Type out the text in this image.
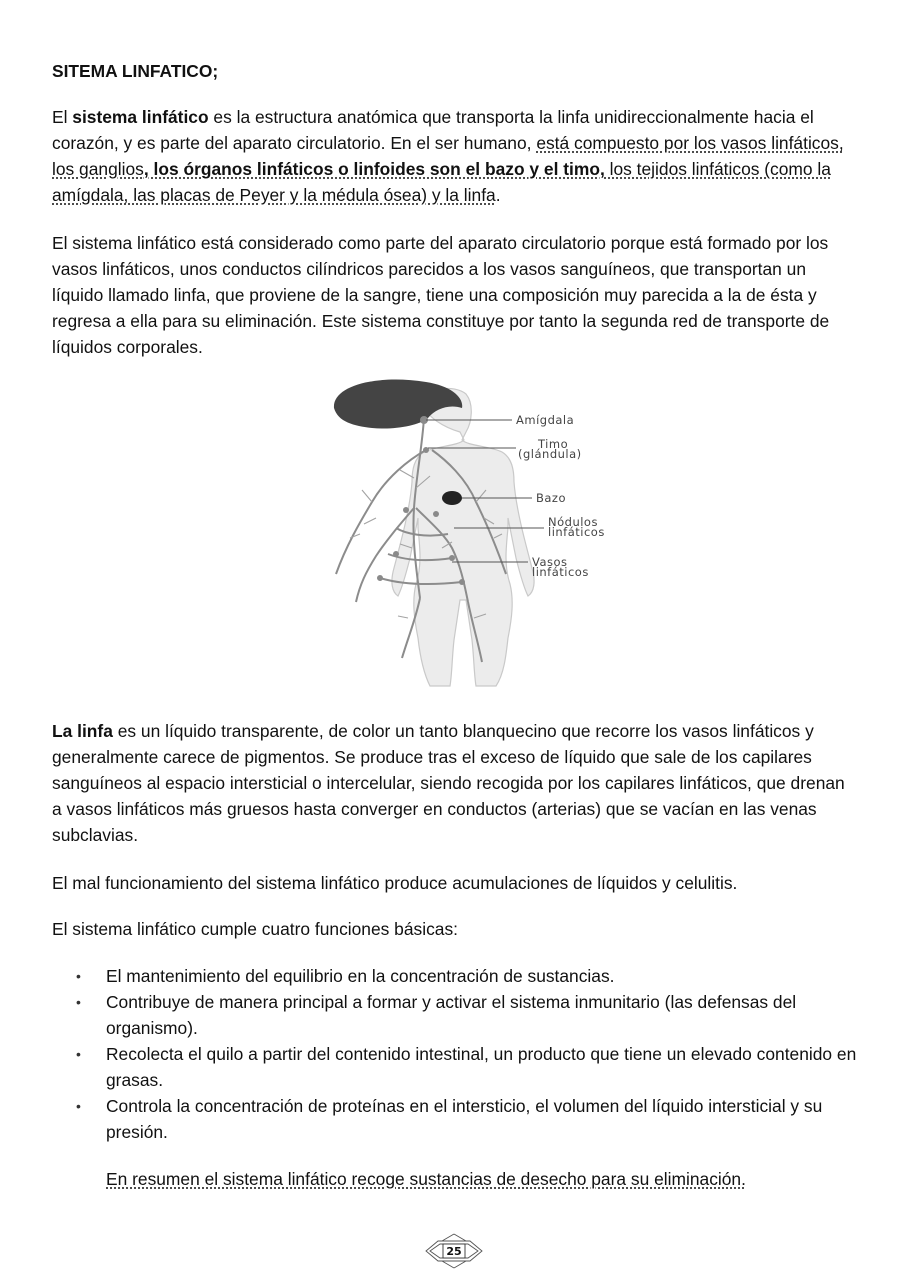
SITEMA LINFATICO;

El sistema linfático es la estructura anatómica que transporta la linfa unidireccionalmente hacia el corazón, y es parte del aparato circulatorio. En el ser humano, está compuesto por los vasos linfáticos, los ganglios, los órganos linfáticos o linfoides son el bazo y el timo, los tejidos linfáticos (como la amígdala, las placas de Peyer y la médula ósea) y la linfa.

El sistema linfático está considerado como parte del aparato circulatorio porque está formado por los vasos linfáticos, unos conductos cilíndricos parecidos a los vasos sanguíneos, que transportan un líquido llamado linfa, que proviene de la sangre, tiene una composición muy parecida a la de ésta y regresa a ella para su eliminación. Este sistema constituye por tanto la segunda red de transporte de líquidos corporales.

Amígdala
Timo
(glándula)
Bazo
Nódulos
linfáticos
Vasos
linfáticos

La linfa es un líquido transparente, de color un tanto blanquecino que recorre los vasos linfáticos y generalmente carece de pigmentos. Se produce tras el exceso de líquido que sale de los capilares sanguíneos al espacio intersticial o intercelular, siendo recogida por los capilares linfáticos, que drenan a vasos linfáticos más gruesos hasta converger en conductos (arterias) que se vacían en las venas subclavias.

El mal funcionamiento del sistema linfático produce acumulaciones de líquidos y celulitis.

El sistema linfático cumple cuatro funciones básicas:

•	El mantenimiento del equilibrio en la concentración de sustancias.
•	Contribuye de manera principal a formar y activar el sistema inmunitario (las defensas del organismo).
•	Recolecta el quilo a partir del contenido intestinal, un producto que tiene un elevado contenido en grasas.
•	Controla la concentración de proteínas en el intersticio, el volumen del líquido intersticial y su presión.

En resumen el sistema linfático recoge sustancias de desecho para su eliminación.

25
